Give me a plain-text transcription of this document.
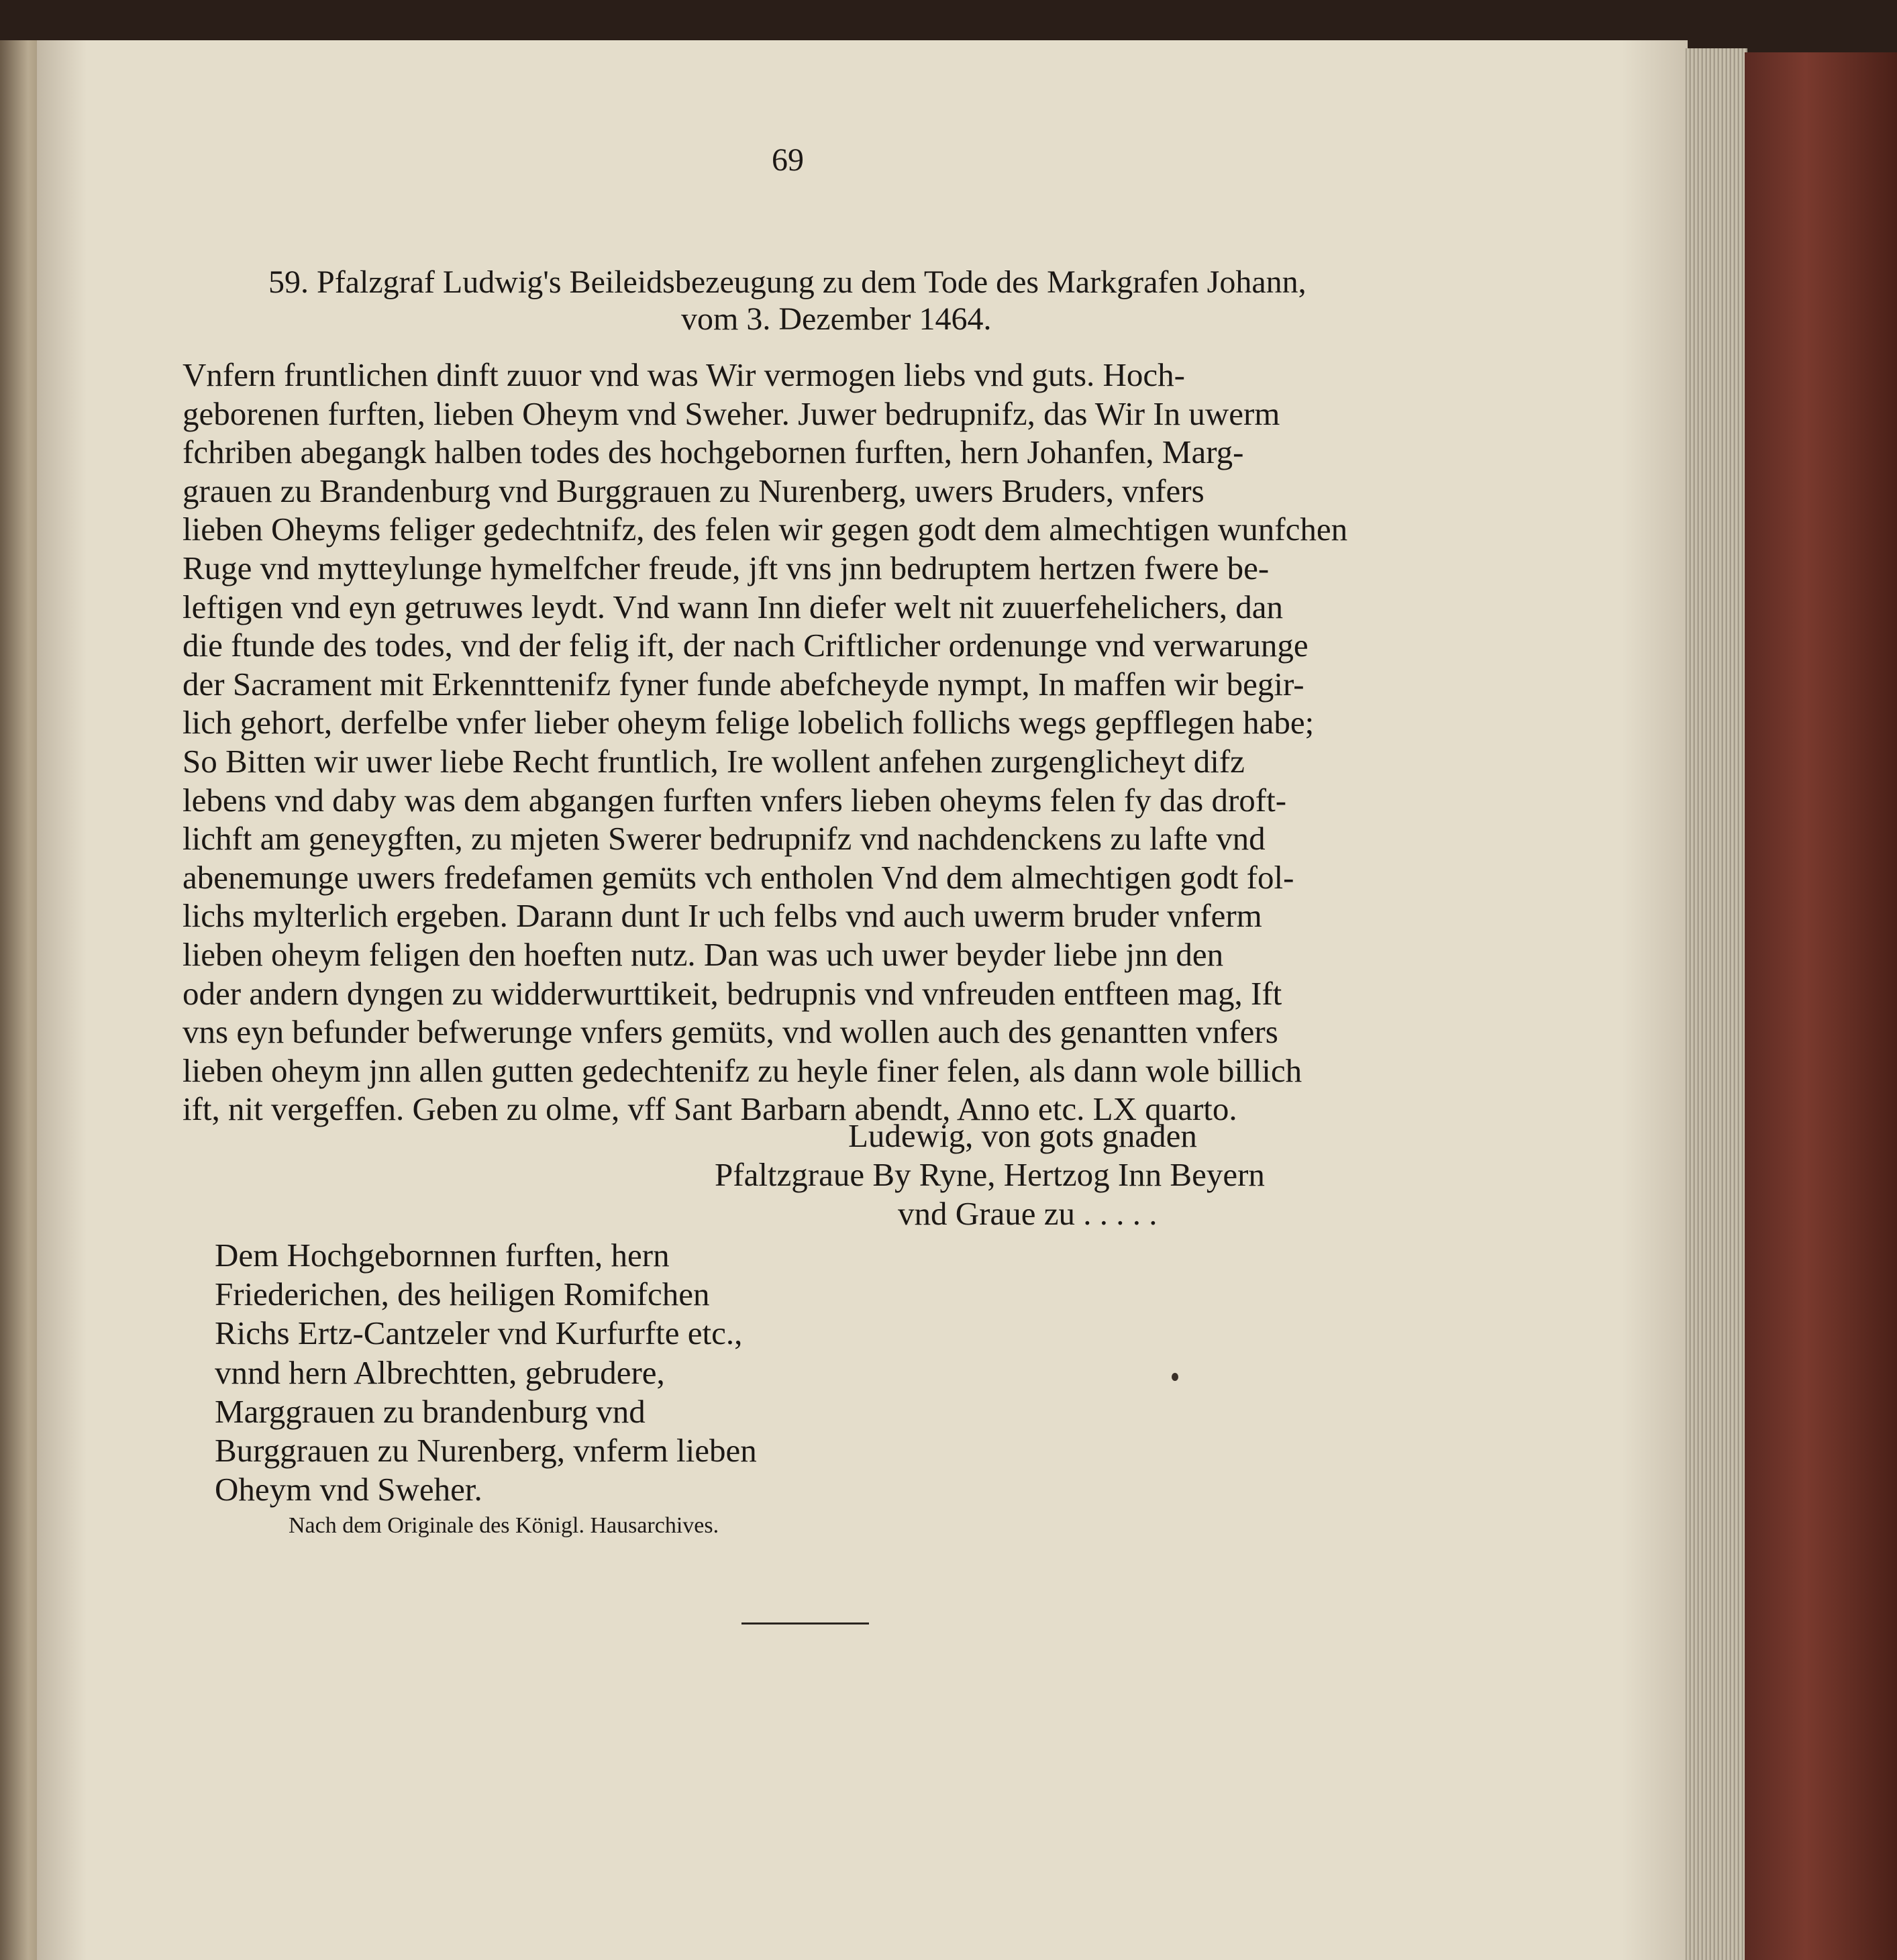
69
59. Pfalzgraf Ludwig's Beileidsbezeugung zu dem Tode des Markgrafen Johann,
vom 3. Dezember 1464.
Vnfern fruntlichen dinft zuuor vnd was Wir vermogen liebs vnd guts. Hoch-
geborenen furften, lieben Oheym vnd Sweher. Juwer bedrupnifz, das Wir In uwerm
fchriben abegangk halben todes des hochgebornen furften, hern Johanfen, Marg-
grauen zu Brandenburg vnd Burggrauen zu Nurenberg, uwers Bruders, vnfers
lieben Oheyms feliger gedechtnifz, des felen wir gegen godt dem almechtigen wunfchen
Ruge vnd mytteylunge hymelfcher freude, jft vns jnn bedruptem hertzen fwere be-
leftigen vnd eyn getruwes leydt. Vnd wann Inn diefer welt nit zuuerfehelichers, dan
die ftunde des todes, vnd der felig ift, der nach Criftlicher ordenunge vnd verwarunge
der Sacrament mit Erkennttenifz fyner funde abefcheyde nympt, In maffen wir begir-
lich gehort, derfelbe vnfer lieber oheym felige lobelich follichs wegs gepfflegen habe;
So Bitten wir uwer liebe Recht fruntlich, Ire wollent anfehen zurgenglicheyt difz
lebens vnd daby was dem abgangen furften vnfers lieben oheyms felen fy das droft-
lichft am geneygften, zu mjeten Swerer bedrupnifz vnd nachdenckens zu lafte vnd
abenemunge uwers fredefamen gemüts vch entholen Vnd dem almechtigen godt fol-
lichs mylterlich ergeben. Darann dunt Ir uch felbs vnd auch uwerm bruder vnferm
lieben oheym feligen den hoeften nutz. Dan was uch uwer beyder liebe jnn den
oder andern dyngen zu widderwurttikeit, bedrupnis vnd vnfreuden entfteen mag, Ift
vns eyn befunder befwerunge vnfers gemüts, vnd wollen auch des genantten vnfers
lieben oheym jnn allen gutten gedechtenifz zu heyle finer felen, als dann wole billich
ift, nit vergeffen. Geben zu olme, vff Sant Barbarn abendt, Anno etc. LX quarto.
Ludewig, von gots gnaden
Pfaltzgraue By Ryne, Hertzog Inn Beyern
vnd Graue zu . . . . .
Dem Hochgebornnen furften, hern
Friederichen, des heiligen Romifchen
Richs Ertz-Cantzeler vnd Kurfurfte etc.,
vnnd hern Albrechtten, gebrudere,
Marggrauen zu brandenburg vnd
Burggrauen zu Nurenberg, vnferm lieben
Oheym vnd Sweher.
Nach dem Originale des Königl. Hausarchives.
